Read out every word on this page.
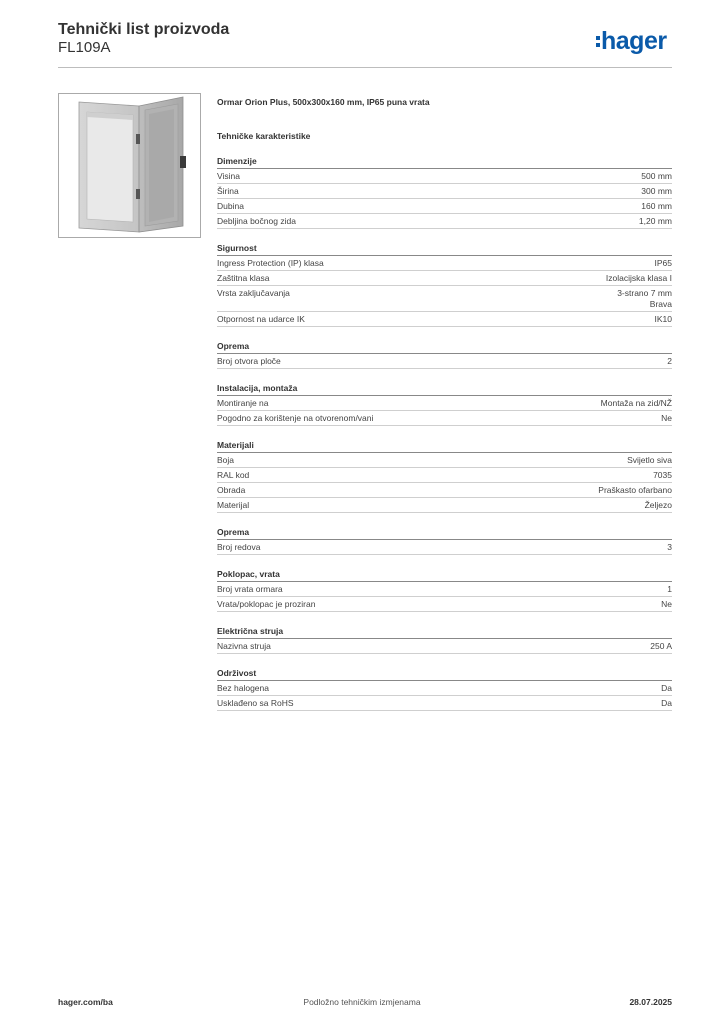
Tehnički list proizvoda
FL109A	hager
Ormar Orion Plus, 500x300x160 mm, IP65 puna vrata
Tehničke karakteristike
Dimenzije
Visina	500 mm
Širina	300 mm
Dubina	160 mm
Debljina bočnog zida	1,20 mm
Sigurnost
Ingress Protection (IP) klasa	IP65
Zaštitna klasa	Izolacijska klasa I
Vrsta zaključavanja	3-strano 7 mm
Brava
Otpornost na udarce IK	IK10
Oprema
Broj otvora ploče	2
Instalacija, montaža
Montiranje na	Montaža na zid/NŽ
Pogodno za korištenje na otvorenom/vani	Ne
Materijali
Boja	Svijetlo siva
RAL kod	7035
Obrada	Praškasto ofarbano
Materijal	Željezo
Oprema
Broj redova	3
Poklopac, vrata
Broj vrata ormara	1
Vrata/poklopac je proziran	Ne
Električna struja
Nazivna struja	250 A
Održivost
Bez halogena	Da
Usklađeno sa RoHS	Da
hager.com/ba	Podložno tehničkim izmjenama	28.07.2025
